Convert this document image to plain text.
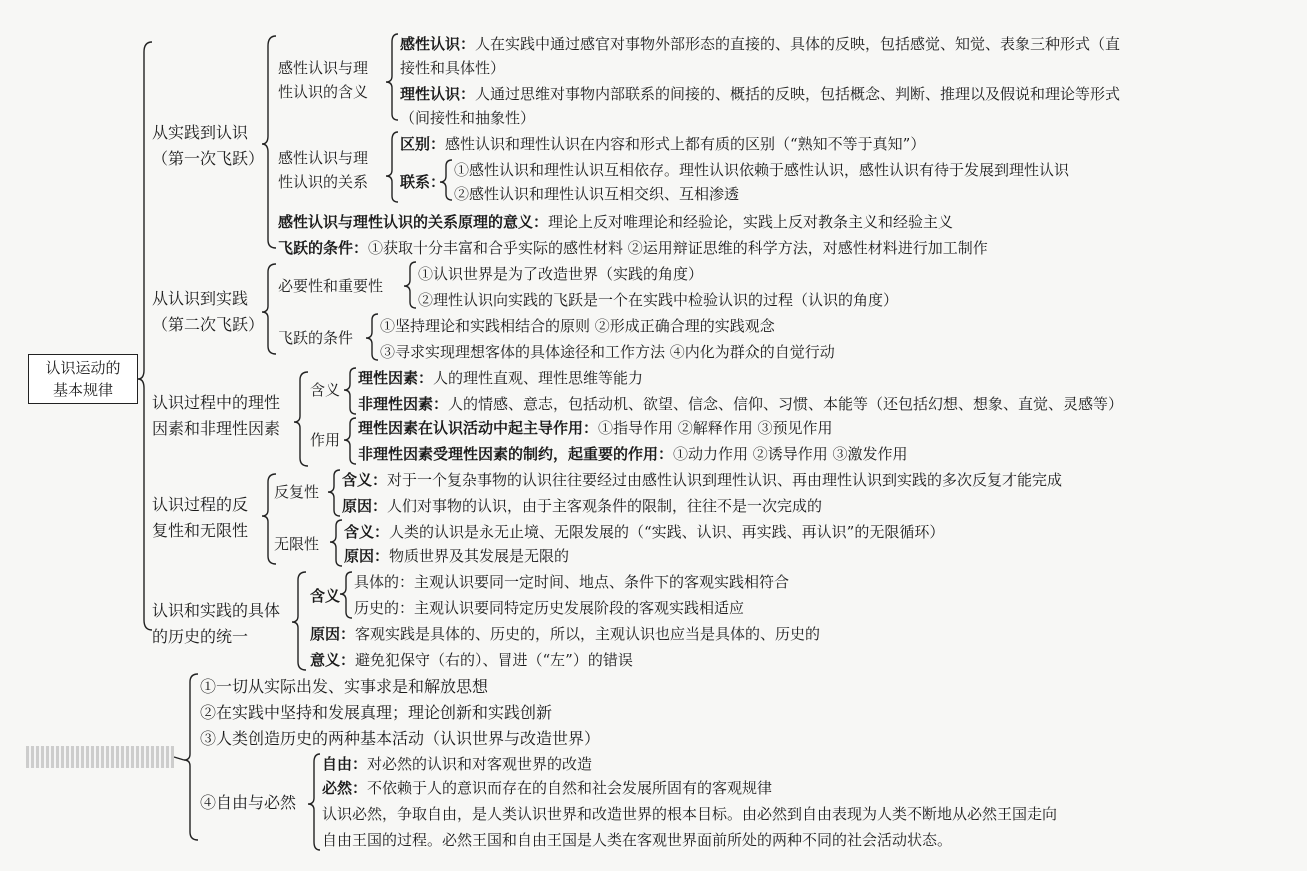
认识运动的
基本规律
从实践到认识
（第一次飞跃）
感性认识与理
性认识的含义
感性认识：人在实践中通过感官对事物外部形态的直接的、具体的反映，包括感觉、知觉、表象三种形式（直
接性和具体性）
理性认识：人通过思维对事物内部联系的间接的、概括的反映，包括概念、判断、推理以及假说和理论等形式
（间接性和抽象性）
感性认识与理
性认识的关系
区别：感性认识和理性认识在内容和形式上都有质的区别（“熟知不等于真知”）
联系：
①感性认识和理性认识互相依存。理性认识依赖于感性认识，感性认识有待于发展到理性认识
②感性认识和理性认识互相交织、互相渗透
感性认识与理性认识的关系原理的意义：理论上反对唯理论和经验论，实践上反对教条主义和经验主义
飞跃的条件：①获取十分丰富和合乎实际的感性材料 ②运用辩证思维的科学方法，对感性材料进行加工制作
从认识到实践
（第二次飞跃）
必要性和重要性
①认识世界是为了改造世界（实践的角度）
②理性认识向实践的飞跃是一个在实践中检验认识的过程（认识的角度）
飞跃的条件
①坚持理论和实践相结合的原则 ②形成正确合理的实践观念
③寻求实现理想客体的具体途径和工作方法 ④内化为群众的自觉行动
认识过程中的理性
因素和非理性因素
含义
理性因素：人的理性直观、理性思维等能力
非理性因素：人的情感、意志，包括动机、欲望、信念、信仰、习惯、本能等（还包括幻想、想象、直觉、灵感等）
作用
理性因素在认识活动中起主导作用：①指导作用 ②解释作用 ③预见作用
非理性因素受理性因素的制约，起重要的作用：①动力作用 ②诱导作用 ③激发作用
认识过程的反
复性和无限性
反复性
含义：对于一个复杂事物的认识往往要经过由感性认识到理性认识、再由理性认识到实践的多次反复才能完成
原因：人们对事物的认识，由于主客观条件的限制，往往不是一次完成的
无限性
含义：人类的认识是永无止境、无限发展的（“实践、认识、再实践、再认识”的无限循环）
原因：物质世界及其发展是无限的
认识和实践的具体
的历史的统一
含义
具体的：主观认识要同一定时间、地点、条件下的客观实践相符合
历史的：主观认识要同特定历史发展阶段的客观实践相适应
原因：客观实践是具体的、历史的，所以，主观认识也应当是具体的、历史的
意义：避免犯保守（右的）、冒进（“左”）的错误
①一切从实际出发、实事求是和解放思想
②在实践中坚持和发展真理；理论创新和实践创新
③人类创造历史的两种基本活动（认识世界与改造世界）
④自由与必然
自由：对必然的认识和对客观世界的改造
必然：不依赖于人的意识而存在的自然和社会发展所固有的客观规律
认识必然，争取自由，是人类认识世界和改造世界的根本目标。由必然到自由表现为人类不断地从必然王国走向
自由王国的过程。必然王国和自由王国是人类在客观世界面前所处的两种不同的社会活动状态。
